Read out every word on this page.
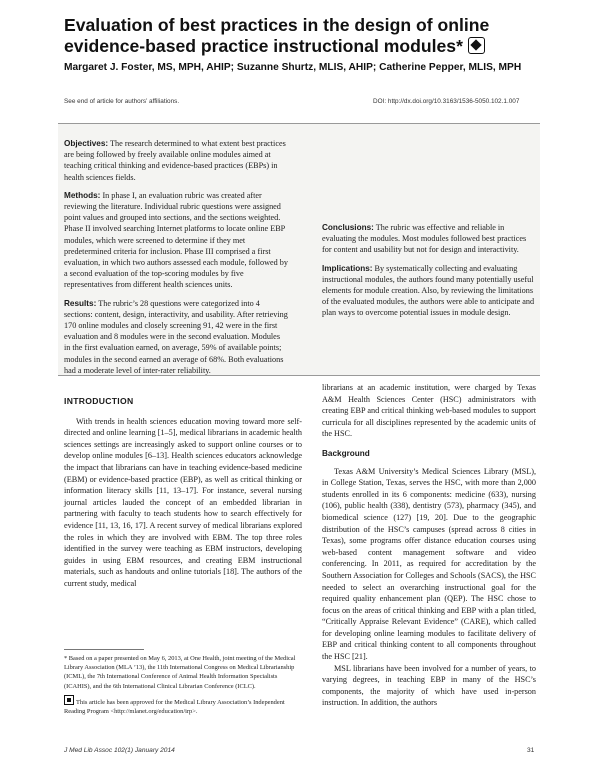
Evaluation of best practices in the design of online evidence-based practice instructional modules*
Margaret J. Foster, MS, MPH, AHIP; Suzanne Shurtz, MLIS, AHIP; Catherine Pepper, MLIS, MPH
See end of article for authors’ affiliations.	DOI: http://dx.doi.org/10.3163/1536-5050.102.1.007

Objectives: The research determined to what extent best practices are being followed by freely available online modules aimed at teaching critical thinking and evidence-based practices (EBPs) in health sciences fields.

Methods: In phase I, an evaluation rubric was created after reviewing the literature. Individual rubric questions were assigned point values and grouped into sections, and the sections weighted. Phase II involved searching Internet platforms to locate online EBP modules, which were screened to determine if they met predetermined criteria for inclusion. Phase III comprised a first evaluation, in which two authors assessed each module, followed by a second evaluation of the top-scoring modules by five representatives from different health sciences units.

Results: The rubric’s 28 questions were categorized into 4 sections: content, design, interactivity, and usability. After retrieving 170 online modules and closely screening 91, 42 were in the first evaluation and 8 modules were in the second evaluation. Modules in the first evaluation earned, on average, 59% of available points; modules in the second earned an average of 68%. Both evaluations had a moderate level of inter-rater reliability.

Conclusions: The rubric was effective and reliable in evaluating the modules. Most modules followed best practices for content and usability but not for design and interactivity.

Implications: By systematically collecting and evaluating instructional modules, the authors found many potentially useful elements for module creation. Also, by reviewing the limitations of the evaluated modules, the authors were able to anticipate and plan ways to overcome potential issues in module design.

INTRODUCTION

With trends in health sciences education moving toward more self-directed and online learning [1–5], medical librarians in academic health sciences settings are increasingly asked to support online courses or to develop online modules [6–13]. Health sciences educators acknowledge the impact that librarians can have in teaching evidence-based medicine (EBM) or evidence-based practice (EBP), as well as critical thinking or information literacy skills [11, 13–17]. For instance, several nursing journal articles lauded the concept of an embedded librarian in partnering with faculty to teach students how to search effectively for evidence [11, 13, 16, 17]. A recent survey of medical librarians explored the roles in which they are involved with EBM. The top three roles identified in the survey were teaching as EBM instructors, developing guides in using EBM resources, and creating EBM instructional materials, such as handouts and online tutorials [18]. The authors of the current study, medical

* Based on a paper presented on May 6, 2013, at One Health, joint meeting of the Medical Library Association (MLA ’13), the 11th International Congress on Medical Librarianship (ICML), the 7th International Conference of Animal Health Information Specialists (ICAHIS), and the 6th International Clinical Librarian Conference (ICLC).

This article has been approved for the Medical Library Association’s Independent Reading Program <http://mlanet.org/education/irp>.

librarians at an academic institution, were charged by Texas A&M Health Sciences Center (HSC) administrators with creating EBP and critical thinking web-based modules to support curricula for all disciplines represented by the academic units of the HSC.

Background

Texas A&M University’s Medical Sciences Library (MSL), in College Station, Texas, serves the HSC, with more than 2,000 students enrolled in its 6 components: medicine (633), nursing (106), public health (338), dentistry (573), pharmacy (345), and biomedical science (127) [19, 20]. Due to the geographic distribution of the HSC’s campuses (spread across 8 cities in Texas), some programs offer distance education courses using web-based content management software and video conferencing. In 2011, as required for accreditation by the Southern Association for Colleges and Schools (SACS), the HSC needed to select an overarching instructional goal for the required quality enhancement plan (QEP). The HSC chose to focus on the areas of critical thinking and EBP with a plan titled, “Critically Appraise Relevant Evidence” (CARE), which called for developing online learning modules to facilitate delivery of EBP and critical thinking content to all components throughout the HSC [21].

MSL librarians have been involved for a number of years, to varying degrees, in teaching EBP in many of the HSC’s components, the majority of which have used in-person instruction. In addition, the authors

J Med Lib Assoc 102(1) January 2014	31
